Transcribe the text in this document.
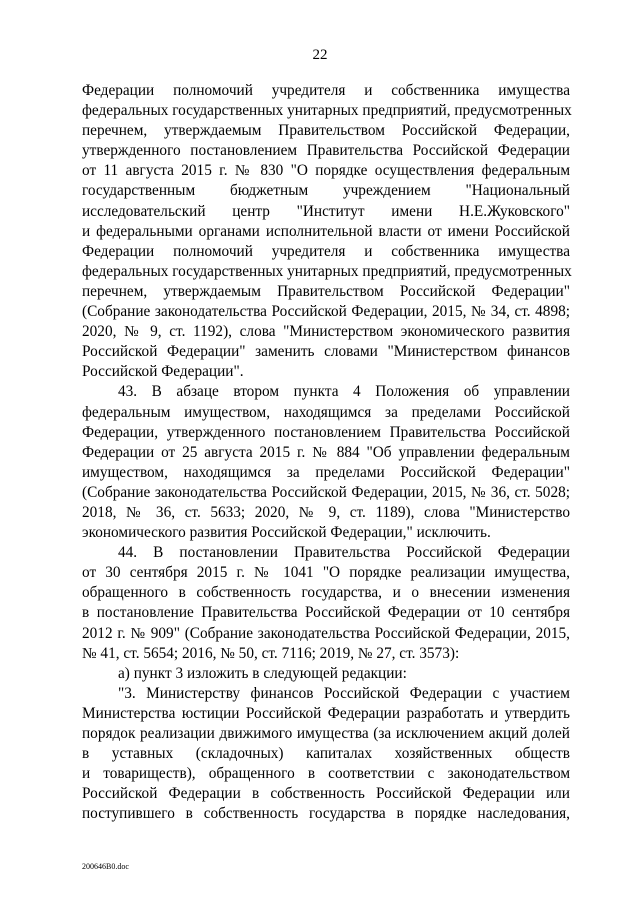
22
Федерации полномочий учредителя и собственника имущества
федеральных государственных унитарных предприятий, предусмотренных
перечнем, утверждаемым Правительством Российской Федерации,
утвержденного постановлением Правительства Российской Федерации
от 11 августа 2015 г. № 830 "О порядке осуществления федеральным
государственным бюджетным учреждением "Национальный
исследовательский центр "Институт имени Н.Е.Жуковского"
и федеральными органами исполнительной власти от имени Российской
Федерации полномочий учредителя и собственника имущества
федеральных государственных унитарных предприятий, предусмотренных
перечнем, утверждаемым Правительством Российской Федерации"
(Собрание законодательства Российской Федерации, 2015, № 34, ст. 4898;
2020, № 9, ст. 1192), слова "Министерством экономического развития
Российской Федерации" заменить словами "Министерством финансов
Российской Федерации".
43. В абзаце втором пункта 4 Положения об управлении
федеральным имуществом, находящимся за пределами Российской
Федерации, утвержденного постановлением Правительства Российской
Федерации от 25 августа 2015 г. № 884 "Об управлении федеральным
имуществом, находящимся за пределами Российской Федерации"
(Собрание законодательства Российской Федерации, 2015, № 36, ст. 5028;
2018, № 36, ст. 5633; 2020, № 9, ст. 1189), слова "Министерство
экономического развития Российской Федерации," исключить.
44. В постановлении Правительства Российской Федерации
от 30 сентября 2015 г. № 1041 "О порядке реализации имущества,
обращенного в собственность государства, и о внесении изменения
в постановление Правительства Российской Федерации от 10 сентября
2012 г. № 909" (Собрание законодательства Российской Федерации, 2015,
№ 41, ст. 5654; 2016, № 50, ст. 7116; 2019, № 27, ст. 3573):
а) пункт 3 изложить в следующей редакции:
"3. Министерству финансов Российской Федерации с участием
Министерства юстиции Российской Федерации разработать и утвердить
порядок реализации движимого имущества (за исключением акций долей
в уставных (складочных) капиталах хозяйственных обществ
и товариществ), обращенного в соответствии с законодательством
Российской Федерации в собственность Российской Федерации или
поступившего в собственность государства в порядке наследования,
200646В0.doc
